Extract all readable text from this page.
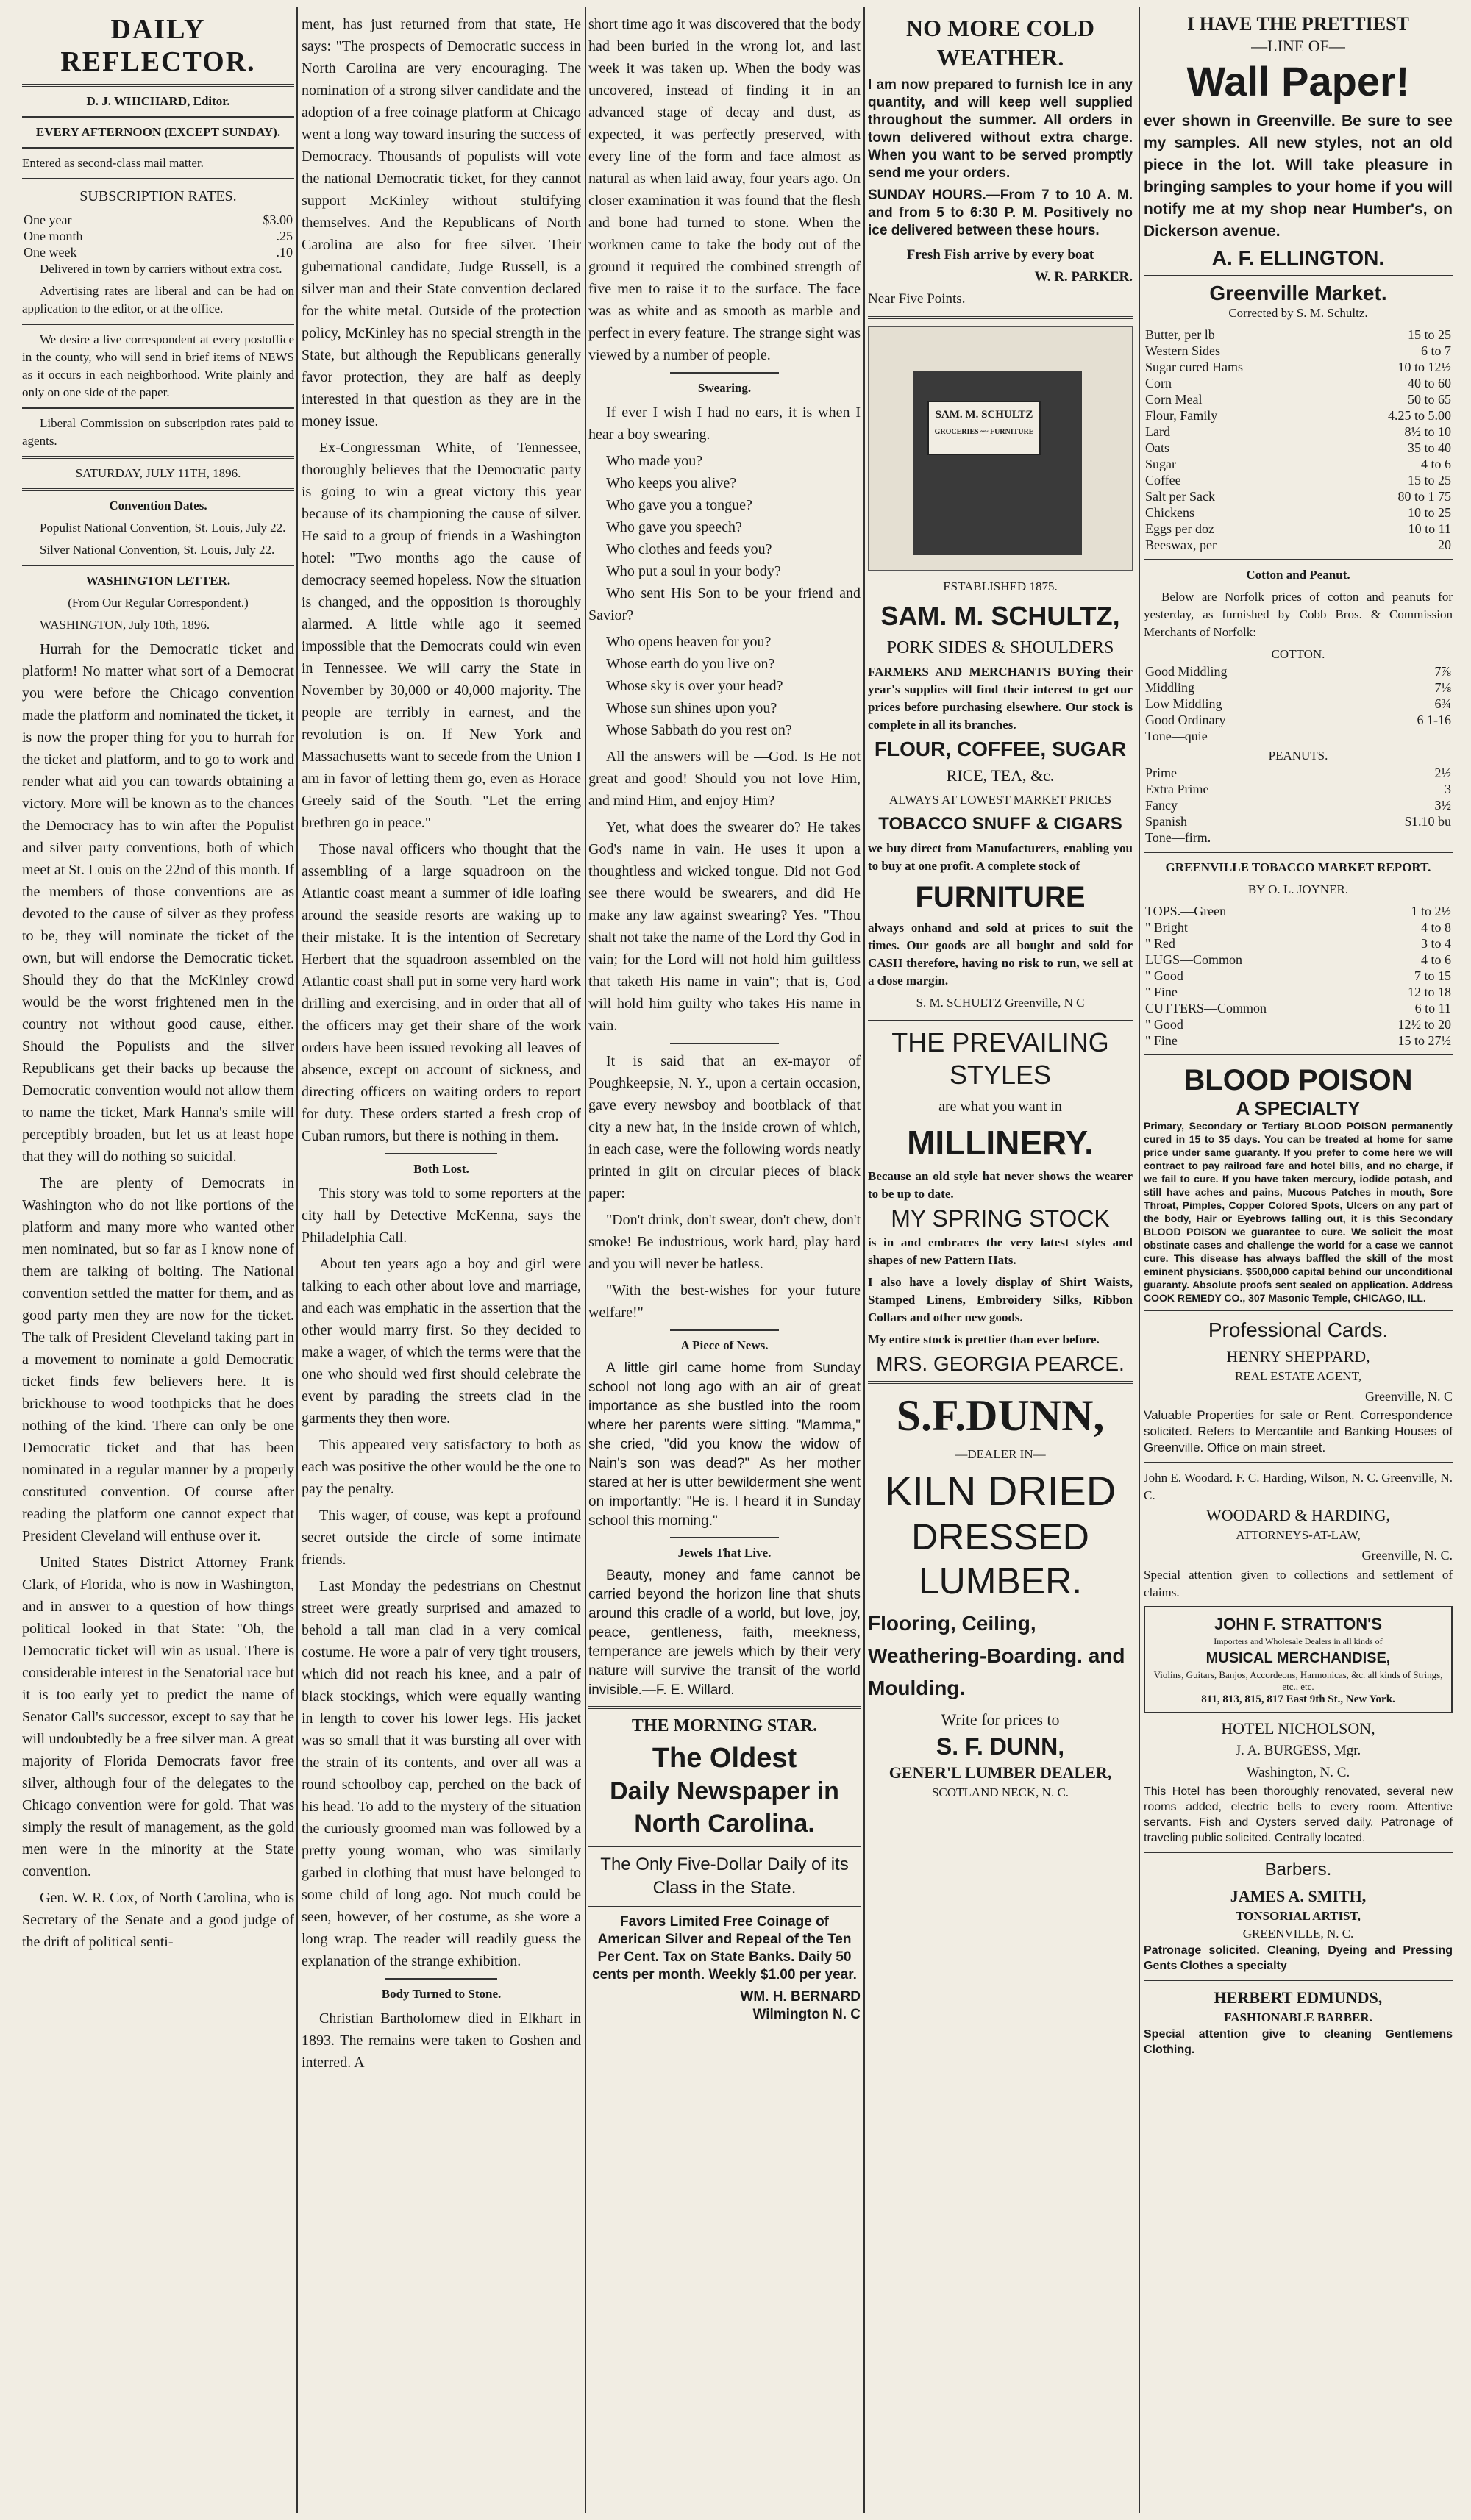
DAILY REFLECTOR.

D. J. WHICHARD, Editor.

EVERY AFTERNOON (EXCEPT SUNDAY).

Entered as second-class mail matter.

SUBSCRIPTION RATES.

One year	$3.00
One month	.25
One week	.10

Delivered in town by carriers without extra cost.

Advertising rates are liberal and can be had on application to the editor, or at the office.

We desire a live correspondent at every postoffice in the county, who will send in brief items of NEWS as it occurs in each neighborhood. Write plainly and only on one side of the paper.

Liberal Commission on subscription rates paid to agents.

SATURDAY, JULY 11TH, 1896.

Convention Dates.

Populist National Convention, St. Louis, July 22.

Silver National Convention, St. Louis, July 22.

WASHINGTON LETTER.

(From Our Regular Correspondent.)

WASHINGTON, July 10th, 1896.

Hurrah for the Democratic ticket and platform! No matter what sort of a Democrat you were before the Chicago convention made the platform and nominated the ticket, it is now the proper thing for you to hurrah for the ticket and platform, and to go to work and render what aid you can towards obtaining a victory. More will be known as to the chances the Democracy has to win after the Populist and silver party conventions, both of which meet at St. Louis on the 22nd of this month. If the members of those conventions are as devoted to the cause of silver as they profess to be, they will nominate the ticket of the own, but will endorse the Democratic ticket. Should they do that the McKinley crowd would be the worst frightened men in the country not without good cause, either. Should the Populists and the silver Republicans get their backs up because the Democratic convention would not allow them to name the ticket, Mark Hanna's smile will perceptibly broaden, but let us at least hope that they will do nothing so suicidal.

The are plenty of Democrats in Washington who do not like portions of the platform and many more who wanted other men nominated, but so far as I know none of them are talking of bolting. The National convention settled the matter for them, and as good party men they are now for the ticket. The talk of President Cleveland taking part in a movement to nominate a gold Democratic ticket finds few believers here. It is brickhouse to wood toothpicks that he does nothing of the kind. There can only be one Democratic ticket and that has been nominated in a regular manner by a properly constituted convention. Of course after reading the platform one cannot expect that President Cleveland will enthuse over it.

United States District Attorney Frank Clark, of Florida, who is now in Washington, and in answer to a question of how things political looked in that State: "Oh, the Democratic ticket will win as usual. There is considerable interest in the Senatorial race but it is too early yet to predict the name of Senator Call's successor, except to say that he will undoubtedly be a free silver man. A great majority of Florida Democrats favor free silver, although four of the delegates to the Chicago convention were for gold. That was simply the result of management, as the gold men were in the minority at the State convention.

Gen. W. R. Cox, of North Carolina, who is Secretary of the Senate and a good judge of the drift of political senti-

ment, has just returned from that state, He says: "The prospects of Democratic success in North Carolina are very encouraging. The nomination of a strong silver candidate and the adoption of a free coinage platform at Chicago went a long way toward insuring the success of Democracy. Thousands of populists will vote the national Democratic ticket, for they cannot support McKinley without stultifying themselves. And the Republicans of North Carolina are also for free silver. Their gubernational candidate, Judge Russell, is a silver man and their State convention declared for the white metal. Outside of the protection policy, McKinley has no special strength in the State, but although the Republicans generally favor protection, they are half as deeply interested in that question as they are in the money issue.

Ex-Congressman White, of Tennessee, thoroughly believes that the Democratic party is going to win a great victory this year because of its championing the cause of silver. He said to a group of friends in a Washington hotel: "Two months ago the cause of democracy seemed hopeless. Now the situation is changed, and the opposition is thoroughly alarmed. A little while ago it seemed impossible that the Democrats could win even in Tennessee. We will carry the State in November by 30,000 or 40,000 majority. The people are terribly in earnest, and the revolution is on. If New York and Massachusetts want to secede from the Union I am in favor of letting them go, even as Horace Greely said of the South. "Let the erring brethren go in peace."

Those naval officers who thought that the assembling of a large squadroon on the Atlantic coast meant a summer of idle loafing around the seaside resorts are waking up to their mistake. It is the intention of Secretary Herbert that the squadroon assembled on the Atlantic coast shall put in some very hard work drilling and exercising, and in order that all of the officers may get their share of the work orders have been issued revoking all leaves of absence, except on account of sickness, and directing officers on waiting orders to report for duty. These orders started a fresh crop of Cuban rumors, but there is nothing in them.

Both Lost.

This story was told to some reporters at the city hall by Detective McKenna, says the Philadelphia Call.

About ten years ago a boy and girl were talking to each other about love and marriage, and each was emphatic in the assertion that the other would marry first. So they decided to make a wager, of which the terms were that the one who should wed first should celebrate the event by parading the streets clad in the garments they then wore.

This appeared very satisfactory to both as each was positive the other would be the one to pay the penalty.

This wager, of couse, was kept a profound secret outside the circle of some intimate friends.

Last Monday the pedestrians on Chestnut street were greatly surprised and amazed to behold a tall man clad in a very comical costume. He wore a pair of very tight trousers, which did not reach his knee, and a pair of black stockings, which were equally wanting in length to cover his lower legs. His jacket was so small that it was bursting all over with the strain of its contents, and over all was a round schoolboy cap, perched on the back of his head. To add to the mystery of the situation the curiously groomed man was followed by a pretty young woman, who was similarly garbed in clothing that must have belonged to some child of long ago. Not much could be seen, however, of her costume, as she wore a long wrap. The reader will readily guess the explanation of the strange exhibition.

Body Turned to Stone.

Christian Bartholomew died in Elkhart in 1893. The remains were taken to Goshen and interred. A

short time ago it was discovered that the body had been buried in the wrong lot, and last week it was taken up. When the body was uncovered, instead of finding it in an advanced stage of decay and dust, as expected, it was perfectly preserved, with every line of the form and face almost as natural as when laid away, four years ago. On closer examination it was found that the flesh and bone had turned to stone. When the workmen came to take the body out of the ground it required the combined strength of five men to raise it to the surface. The face was as white and as smooth as marble and perfect in every feature. The strange sight was viewed by a number of people.

Swearing.

If ever I wish I had no ears, it is when I hear a boy swearing.

Who made you?

Who keeps you alive?

Who gave you a tongue?

Who gave you speech?

Who clothes and feeds you?

Who put a soul in your body?

Who sent His Son to be your friend and Savior?

Who opens heaven for you?

Whose earth do you live on?

Whose sky is over your head?

Whose sun shines upon you?

Whose Sabbath do you rest on?

All the answers will be —God. Is He not great and good! Should you not love Him, and mind Him, and enjoy Him?

Yet, what does the swearer do? He takes God's name in vain. He uses it upon a thoughtless and wicked tongue. Did not God see there would be swearers, and did He make any law against swearing? Yes. "Thou shalt not take the name of the Lord thy God in vain; for the Lord will not hold him guiltless that taketh His name in vain"; that is, God will hold him guilty who takes His name in vain.

It is said that an ex-mayor of Poughkeepsie, N. Y., upon a certain occasion, gave every newsboy and bootblack of that city a new hat, in the inside crown of which, in each case, were the following words neatly printed in gilt on circular pieces of black paper:

"Don't drink, don't swear, don't chew, don't smoke! Be industrious, work hard, play hard and you will never be hatless.

"With the best-wishes for your future welfare!"

A Piece of News.

A little girl came home from Sunday school not long ago with an air of great importance as she bustled into the room where her parents were sitting. "Mamma," she cried, "did you know the widow of Nain's son was dead?" As her mother stared at her is utter bewilderment she went on importantly: "He is. I heard it in Sunday school this morning."

Jewels That Live.

Beauty, money and fame cannot be carried beyond the horizon line that shuts around this cradle of a world, but love, joy, peace, gentleness, faith, meekness, temperance are jewels which by their very nature will survive the transit of the world invisible.—F. E. Willard.

THE MORNING STAR.

The Oldest

Daily Newspaper in

North Carolina.

The Only Five-Dollar Daily of its Class in the State.

Favors Limited Free Coinage of American Silver and Repeal of the Ten Per Cent. Tax on State Banks. Daily 50 cents per month. Weekly $1.00 per year.

WM. H. BERNARD

Wilmington N. C

NO MORE COLD WEATHER.

I am now prepared to furnish Ice in any quantity, and will keep well supplied throughout the summer. All orders in town delivered without extra charge. When you want to be served promptly send me your orders.

SUNDAY HOURS.—From 7 to 10 A. M. and from 5 to 6:30 P. M. Positively no ice delivered between these hours.

Fresh Fish arrive by every boat

W. R. PARKER.

Near Five Points.

SAM. M. SCHULTZ
GROCERIES ~~ FURNITURE

ESTABLISHED 1875.

SAM. M. SCHULTZ,

PORK SIDES & SHOULDERS

FARMERS AND MERCHANTS BUYing their year's supplies will find their interest to get our prices before purchasing elsewhere. Our stock is complete in all its branches.

FLOUR, COFFEE, SUGAR

RICE, TEA, &c.

ALWAYS AT LOWEST MARKET PRICES

TOBACCO SNUFF & CIGARS

we buy direct from Manufacturers, enabling you to buy at one profit. A complete stock of

FURNITURE

always onhand and sold at prices to suit the times. Our goods are all bought and sold for CASH therefore, having no risk to run, we sell at a close margin.

S. M. SCHULTZ Greenville, N C

THE PREVAILING STYLES

are what you want in

MILLINERY.

Because an old style hat never shows the wearer to be up to date.

MY SPRING STOCK

is in and embraces the very latest styles and shapes of new Pattern Hats.

I also have a lovely display of Shirt Waists, Stamped Linens, Embroidery Silks, Ribbon Collars and other new goods.

My entire stock is prettier than ever before.

MRS. GEORGIA PEARCE.

S.F.DUNN,

—DEALER IN—

KILN DRIED

DRESSED LUMBER.

Flooring, Ceiling, Weathering-Boarding. and Moulding.

Write for prices to

S. F. DUNN,

GENER'L LUMBER DEALER,

SCOTLAND NECK, N. C.

I HAVE THE PRETTIEST

—LINE OF—

Wall Paper!

ever shown in Greenville. Be sure to see my samples. All new styles, not an old piece in the lot. Will take pleasure in bringing samples to your home if you will notify me at my shop near Humber's, on Dickerson avenue.

A. F. ELLINGTON.

Greenville Market.

Corrected by S. M. Schultz.

Butter, per lb	15 to 25
Western Sides	6 to 7
Sugar cured Hams	10 to 12½
Corn	40 to 60
Corn Meal	50 to 65
Flour, Family	4.25 to 5.00
Lard	8½ to 10
Oats	35 to 40
Sugar	4 to 6
Coffee	15 to 25
Salt per Sack	80 to 1 75
Chickens	10 to 25
Eggs per doz	10 to 11
Beeswax, per	20

Cotton and Peanut.

Below are Norfolk prices of cotton and peanuts for yesterday, as furnished by Cobb Bros. & Commission Merchants of Norfolk:

COTTON.

Good Middling	7⅞
Middling	7⅛
Low Middling	6¾
Good Ordinary	6 1-16
Tone—quie	

PEANUTS.

Prime	2½
Extra Prime	3
Fancy	3½
Spanish	$1.10 bu
Tone—firm.	

GREENVILLE TOBACCO MARKET REPORT.

BY O. L. JOYNER.

TOPS.—Green	1 to 2½
" Bright	4 to 8
" Red	3 to 4
LUGS—Common	4 to 6
" Good	7 to 15
" Fine	12 to 18
CUTTERS—Common	6 to 11
" Good	12½ to 20
" Fine	15 to 27½

BLOOD POISON

A SPECIALTY

Primary, Secondary or Tertiary BLOOD POISON permanently cured in 15 to 35 days. You can be treated at home for same price under same guaranty. If you prefer to come here we will contract to pay railroad fare and hotel bills, and no charge, if we fail to cure. If you have taken mercury, iodide potash, and still have aches and pains, Mucous Patches in mouth, Sore Throat, Pimples, Copper Colored Spots, Ulcers on any part of the body, Hair or Eyebrows falling out, it is this Secondary BLOOD POISON we guarantee to cure. We solicit the most obstinate cases and challenge the world for a case we cannot cure. This disease has always baffled the skill of the most eminent physicians. $500,000 capital behind our unconditional guaranty. Absolute proofs sent sealed on application. Address COOK REMEDY CO., 307 Masonic Temple, CHICAGO, ILL.

Professional Cards.

HENRY SHEPPARD,

REAL ESTATE AGENT,

Greenville, N. C

Valuable Properties for sale or Rent. Correspondence solicited. Refers to Mercantile and Banking Houses of Greenville. Office on main street.

John E. Woodard. F. C. Harding, Wilson, N. C. Greenville, N. C.

WOODARD & HARDING,

ATTORNEYS-AT-LAW,

Greenville, N. C.

Special attention given to collections and settlement of claims.

JOHN F. STRATTON'S

Importers and Wholesale Dealers in all kinds of

MUSICAL MERCHANDISE,

Violins, Guitars, Banjos, Accordeons, Harmonicas, &c. all kinds of Strings, etc., etc.

811, 813, 815, 817 East 9th St., New York.

HOTEL NICHOLSON,

J. A. BURGESS, Mgr.

Washington, N. C.

This Hotel has been thoroughly renovated, several new rooms added, electric bells to every room. Attentive servants. Fish and Oysters served daily. Patronage of traveling public solicited. Centrally located.

Barbers.

JAMES A. SMITH,

TONSORIAL ARTIST,

GREENVILLE, N. C.

Patronage solicited. Cleaning, Dyeing and Pressing Gents Clothes a specialty

HERBERT EDMUNDS,

FASHIONABLE BARBER.

Special attention give to cleaning Gentlemens Clothing.
